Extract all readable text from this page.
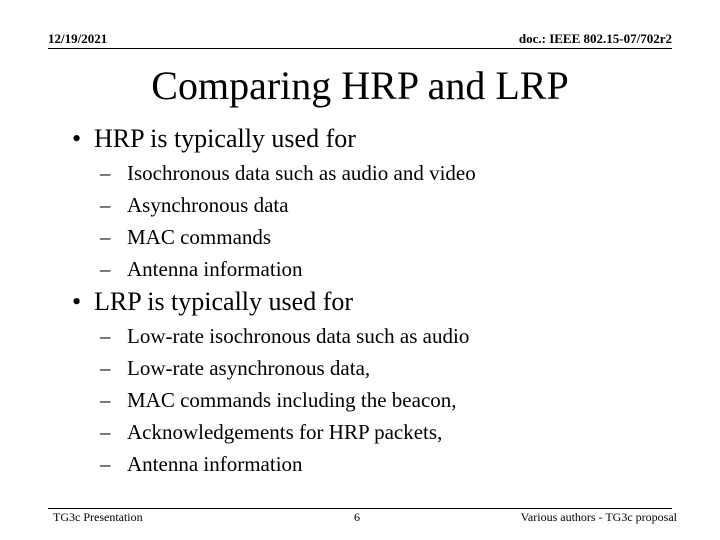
12/19/2021	doc.: IEEE 802.15-07/702r2
Comparing HRP and LRP
• HRP is typically used for
– Isochronous data such as audio and video
– Asynchronous data
– MAC commands
– Antenna information
• LRP is typically used for
– Low-rate isochronous data such as audio
– Low-rate asynchronous data,
– MAC commands including the beacon,
– Acknowledgements for HRP packets,
– Antenna information
TG3c Presentation	6	Various authors - TG3c proposal
